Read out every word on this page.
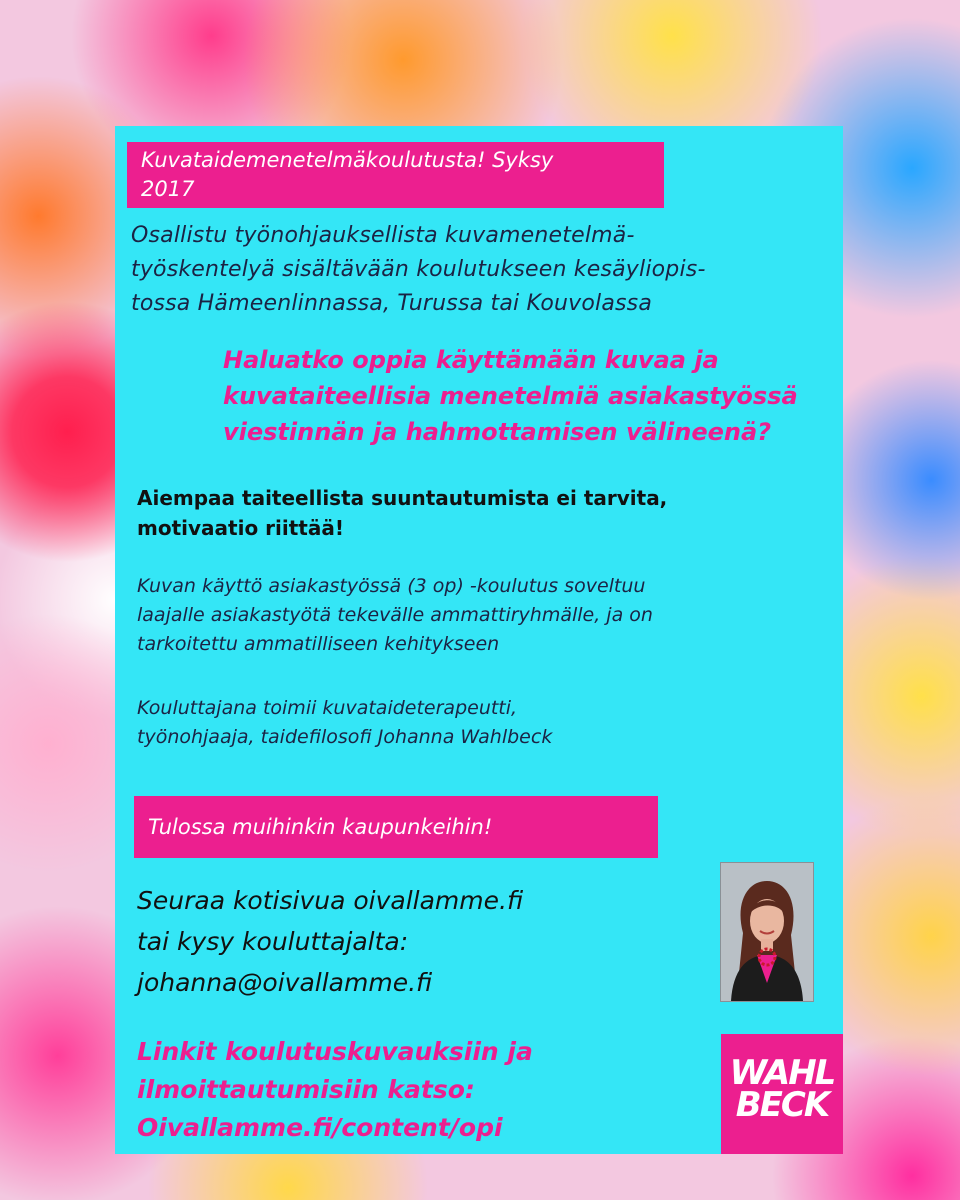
Kuvataidemenetelmäkoulutusta! Syksy
2017

Osallistu työnohjauksellista kuvamenetelmä-
työskentelyä sisältävään koulutukseen kesäyliopis-
tossa Hämeenlinnassa, Turussa tai Kouvolassa

Haluatko oppia käyttämään kuvaa ja
kuvataiteellisia menetelmiä asiakastyössä
viestinnän ja hahmottamisen välineenä?

Aiempaa taiteellista suuntautumista ei tarvita,
motivaatio riittää!

Kuvan käyttö asiakastyössä (3 op) -koulutus soveltuu
laajalle asiakastyötä tekevälle ammattiryhmälle, ja on
tarkoitettu ammatilliseen kehitykseen

Kouluttajana toimii kuvataideterapeutti,
työnohjaaja, taidefilosofi Johanna Wahlbeck

Tulossa muihinkin kaupunkeihin!

Seuraa kotisivua oivallamme.fi
tai kysy kouluttajalta:
johanna@oivallamme.fi

Linkit koulutuskuvauksiin ja
ilmoittautumisiin katso:
Oivallamme.fi/content/opi

WAHL
BECK
